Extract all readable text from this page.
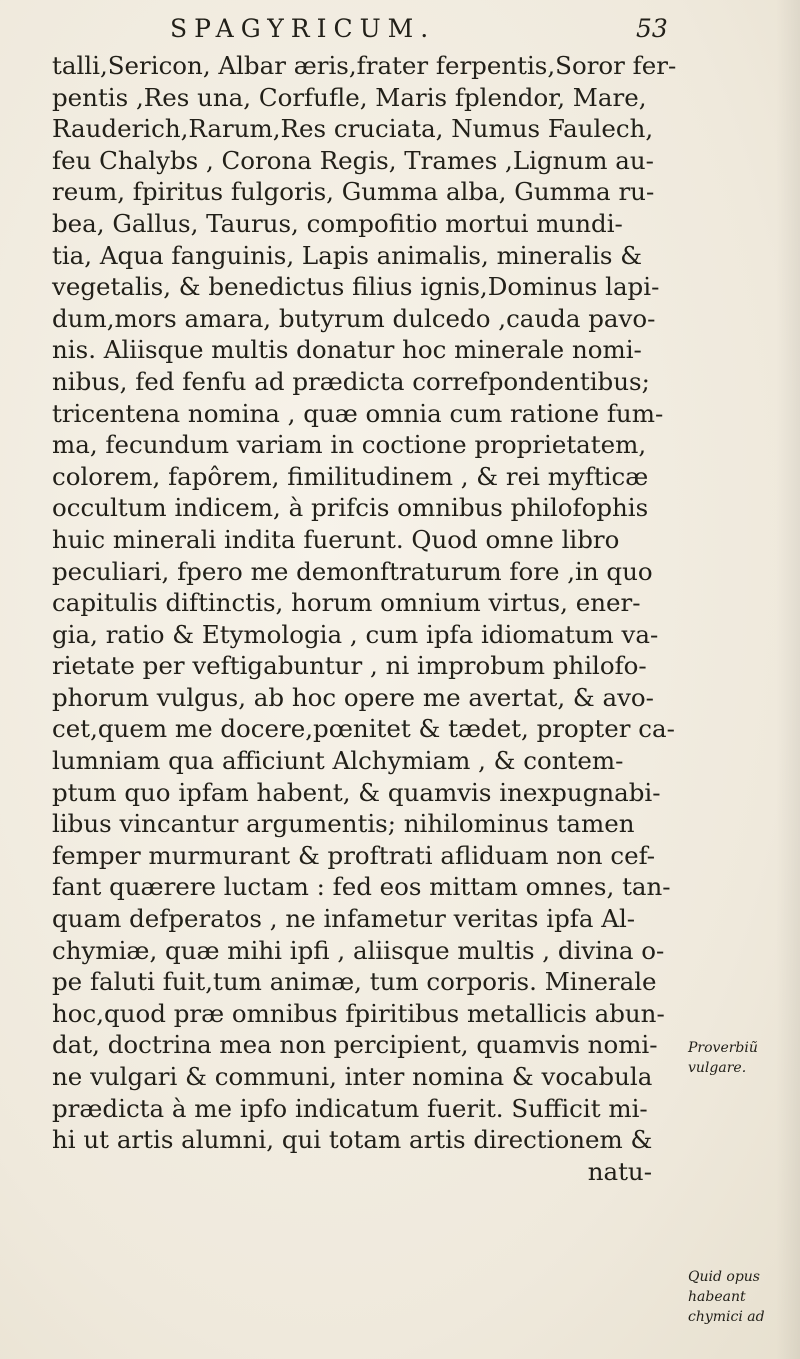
SPAGYRICUM.	53
talli,Sericon, Albar æris,frater ferpentis,Soror fer-
pentis ,Res una, Corfufle, Maris fplendor, Mare,
Rauderich,Rarum,Res cruciata, Numus Faulech,
feu Chalybs , Corona Regis, Trames ,Lignum au-
reum, fpiritus fulgoris, Gumma alba, Gumma ru-
bea, Gallus, Taurus, compofitio mortui mundi-
tia, Aqua fanguinis, Lapis animalis, mineralis &
vegetalis, & benedictus filius ignis,Dominus lapi-
dum,mors amara, butyrum dulcedo ,cauda pavo-
nis. Aliisque multis donatur hoc minerale nomi-
nibus, fed fenfu ad prædicta correfpondentibus;
tricentena nomina , quæ omnia cum ratione fum-
ma, fecundum variam in coctione proprietatem,
colorem, fapôrem, fimilitudinem , & rei myfticæ
occultum indicem, à prifcis omnibus philofophis
huic minerali indita fuerunt. Quod omne libro
peculiari, fpero me demonftraturum fore ,in quo
capitulis diftinctis, horum omnium virtus, ener-
gia, ratio & Etymologia , cum ipfa idiomatum va-
rietate per veftigabuntur , ni improbum philofo-
phorum vulgus, ab hoc opere me avertat, & avo-
cet,quem me docere,pœnitet & tædet, propter ca-
lumniam qua afficiunt Alchymiam , & contem-
ptum quo ipfam habent, & quamvis inexpugnabi-
libus vincantur argumentis; nihilominus tamen
femper murmurant & proftrati afliduam non cef-
fant quærere luctam : fed eos mittam omnes, tan-
quam defperatos , ne infametur veritas ipfa Al-
chymiæ, quæ mihi ipfi , aliisque multis , divina o-
pe faluti fuit,tum animæ, tum corporis. Minerale
hoc,quod præ omnibus fpiritibus metallicis abun-
dat, doctrina mea non percipient, quamvis nomi-
ne vulgari & communi, inter nomina & vocabula
prædicta à me ipfo indicatum fuerit. Sufficit mi-
hi ut artis alumni, qui totam artis directionem &
natu-
Proverbiũ
vulgare.
Quid opus
habeant
chymici ad
